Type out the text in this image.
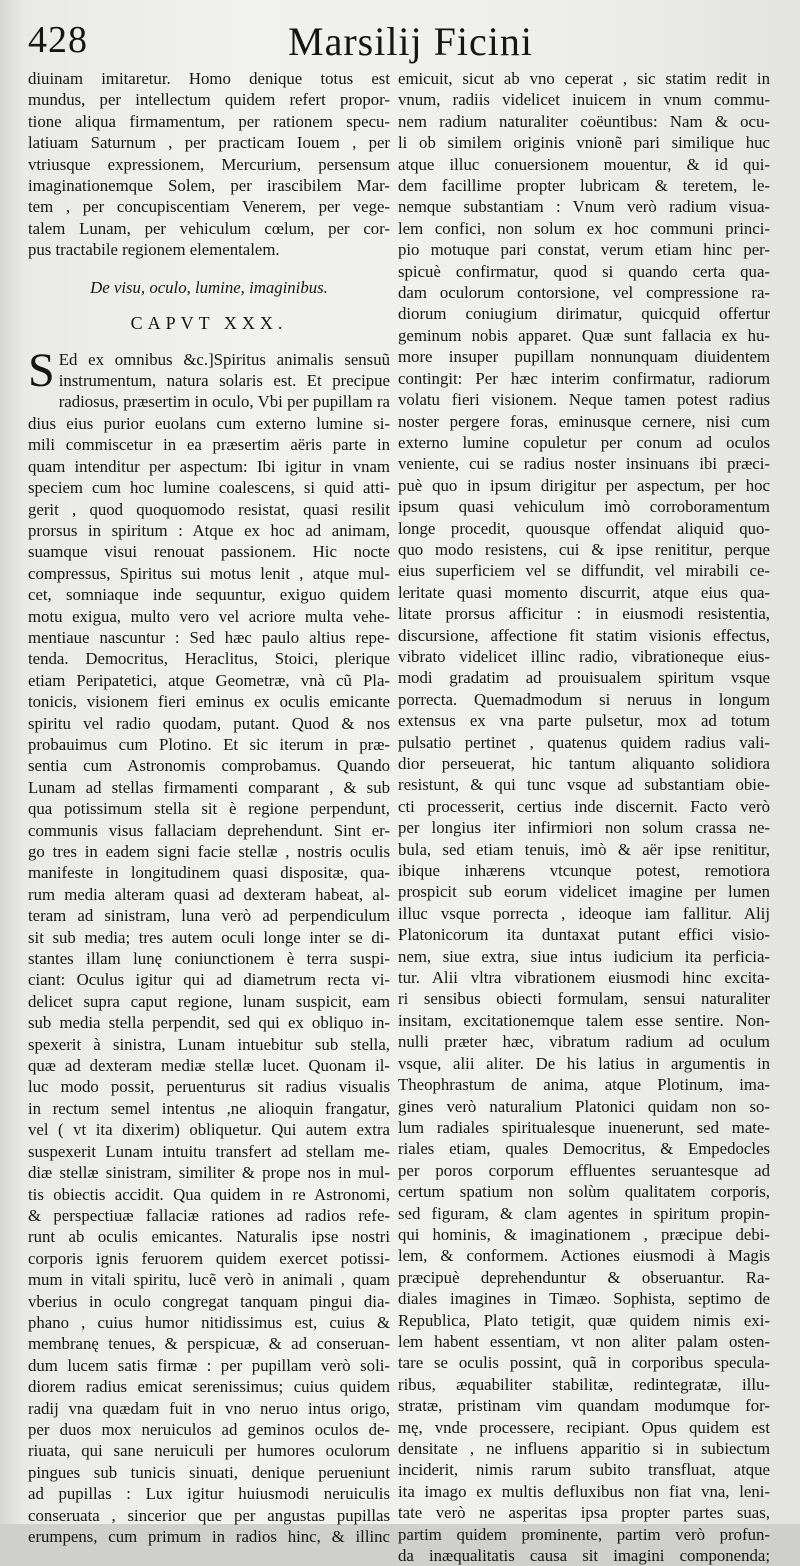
428	Marsilij Ficini
diuinam imitaretur. Homo denique totus est
mundus, per intellectum quidem refert propor-
tione aliqua firmamentum, per rationem specu-
latiuam Saturnum , per practicam Iouem , per
vtriusque expressionem, Mercurium, persensum
imaginationemque Solem, per irascibilem Mar-
tem , per concupiscentiam Venerem, per vege-
talem Lunam, per vehiculum cœlum, per cor-
pus tractabile regionem elementalem.
De visu, oculo, lumine, imaginibus.
CAPVT XXX.
S Ed ex omnibus &c.]Spiritus animalis sensuũ
instrumentum, natura solaris est. Et precipue
radiosus, præsertim in oculo, Vbi per pupillam ra
dius eius purior euolans cum externo lumine si-
mili commiscetur in ea præsertim aëris parte in
quam intenditur per aspectum: Ibi igitur in vnam
speciem cum hoc lumine coalescens, si quid atti-
gerit , quod quoquomodo resistat, quasi resilit
prorsus in spiritum : Atque ex hoc ad animam,
suamque visui renouat passionem. Hic nocte
compressus, Spiritus sui motus lenit , atque mul-
cet, somniaque inde sequuntur, exiguo quidem
motu exigua, multo vero vel acriore multa vehe-
mentiaue nascuntur : Sed hæc paulo altius repe-
tenda. Democritus, Heraclitus, Stoici, plerique
etiam Peripatetici, atque Geometræ, vnà cũ Pla-
tonicis, visionem fieri eminus ex oculis emicante
spiritu vel radio quodam, putant. Quod & nos
probauimus cum Plotino. Et sic iterum in præ-
sentia cum Astronomis comprobamus. Quando
Lunam ad stellas firmamenti comparant , & sub
qua potissimum stella sit è regione perpendunt,
communis visus fallaciam deprehendunt. Sint er-
go tres in eadem signi facie stellæ , nostris oculis
manifeste in longitudinem quasi dispositæ, qua-
rum media alteram quasi ad dexteram habeat, al-
teram ad sinistram, luna verò ad perpendiculum
sit sub media; tres autem oculi longe inter se di-
stantes illam lunę coniunctionem è terra suspi-
ciant: Oculus igitur qui ad diametrum recta vi-
delicet supra caput regione, lunam suspicit, eam
sub media stella perpendit, sed qui ex obliquo in-
spexerit à sinistra, Lunam intuebitur sub stella,
quæ ad dexteram mediæ stellæ lucet. Quonam il-
luc modo possit, peruenturus sit radius visualis
in rectum semel intentus ,ne alioquin frangatur,
vel ( vt ita dixerim) obliquetur. Qui autem extra
suspexerit Lunam intuitu transfert ad stellam me-
diæ stellæ sinistram, similiter & prope nos in mul-
tis obiectis accidit. Qua quidem in re Astronomi,
& perspectiuæ fallaciæ rationes ad radios refe-
runt ab oculis emicantes. Naturalis ipse nostri
corporis ignis feruorem quidem exercet potissi-
mum in vitali spiritu, lucẽ verò in animali , quam
vberius in oculo congregat tanquam pingui dia-
phano , cuius humor nitidissimus est, cuius &
membranę tenues, & perspicuæ, & ad conseruan-
dum lucem satis firmæ : per pupillam verò soli-
diorem radius emicat serenissimus; cuius quidem
radij vna quædam fuit in vno neruo intus origo,
per duos mox neruiculos ad geminos oculos de-
riuata, qui sane neruiculi per humores oculorum
pingues sub tunicis sinuati, denique perueniunt
ad pupillas : Lux igitur huiusmodi neruiculis
conseruata , sincerior que per angustas pupillas
erumpens, cum primum in radios hinc, & illinc
emicuit, sicut ab vno ceperat , sic statim redit in
vnum, radiis videlicet inuicem in vnum commu-
nem radium naturaliter coëuntibus: Nam & ocu-
li ob similem originis vnionẽ pari similique huc
atque illuc conuersionem mouentur, & id qui-
dem facillime propter lubricam & teretem, le-
nemque substantiam : Vnum verò radium visua-
lem confici, non solum ex hoc communi princi-
pio motuque pari constat, verum etiam hinc per-
spicuè confirmatur, quod si quando certa qua-
dam oculorum contorsione, vel compressione ra-
diorum coniugium dirimatur, quicquid offertur
geminum nobis apparet. Quæ sunt fallacia ex hu-
more insuper pupillam nonnunquam diuidentem
contingit: Per hæc interim confirmatur, radiorum
volatu fieri visionem. Neque tamen potest radius
noster pergere foras, eminusque cernere, nisi cum
externo lumine copuletur per conum ad oculos
veniente, cui se radius noster insinuans ibi præci-
puè quo in ipsum dirigitur per aspectum, per hoc
ipsum quasi vehiculum imò corroboramentum
longe procedit, quousque offendat aliquid quo-
quo modo resistens, cui & ipse renititur, perque
eius superficiem vel se diffundit, vel mirabili ce-
leritate quasi momento discurrit, atque eius qua-
litate prorsus afficitur : in eiusmodi resistentia,
discursione, affectione fit statim visionis effectus,
vibrato videlicet illinc radio, vibrationeque eius-
modi gradatim ad prouisualem spiritum vsque
porrecta. Quemadmodum si neruus in longum
extensus ex vna parte pulsetur, mox ad totum
pulsatio pertinet , quatenus quidem radius vali-
dior perseuerat, hic tantum aliquanto solidiora
resistunt, & qui tunc vsque ad substantiam obie-
cti processerit, certius inde discernit. Facto verò
per longius iter infirmiori non solum crassa ne-
bula, sed etiam tenuis, imò & aër ipse renititur,
ibique inhærens vtcunque potest, remotiora
prospicit sub eorum videlicet imagine per lumen
illuc vsque porrecta , ideoque iam fallitur. Alij
Platonicorum ita duntaxat putant effici visio-
nem, siue extra, siue intus iudicium ita perficia-
tur. Alii vltra vibrationem eiusmodi hinc excita-
ri sensibus obiecti formulam, sensui naturaliter
insitam, excitationemque talem esse sentire. Non-
nulli præter hæc, vibratum radium ad oculum
vsque, alii aliter. De his latius in argumentis in
Theophrastum de anima, atque Plotinum, ima-
gines verò naturalium Platonici quidam non so-
lum radiales spiritualesque inuenerunt, sed mate-
riales etiam, quales Democritus, & Empedocles
per poros corporum effluentes seruantesque ad
certum spatium non solùm qualitatem corporis,
sed figuram, & clam agentes in spiritum propin-
qui hominis, & imaginationem , præcipue debi-
lem, & conformem. Actiones eiusmodi à Magis
præcipuè deprehenduntur & obseruantur. Ra-
diales imagines in Timæo. Sophista, septimo de
Republica, Plato tetigit, quæ quidem nimis exi-
lem habent essentiam, vt non aliter palam osten-
tare se oculis possint, quã in corporibus specula-
ribus, æquabiliter stabilitæ, redintegratæ, illu-
stratæ, pristinam vim quandam modumque for-
mę, vnde processere, recipiant. Opus quidem est
densitate , ne influens apparitio si in subiectum
inciderit, nimis rarum subito transfluat, atque
ita imago ex multis defluxibus non fiat vna, leni-
tate verò ne asperitas ipsa propter partes suas,
partim quidem prominente, partim verò profun-
da inæqualitatis causa sit imagini componenda;
